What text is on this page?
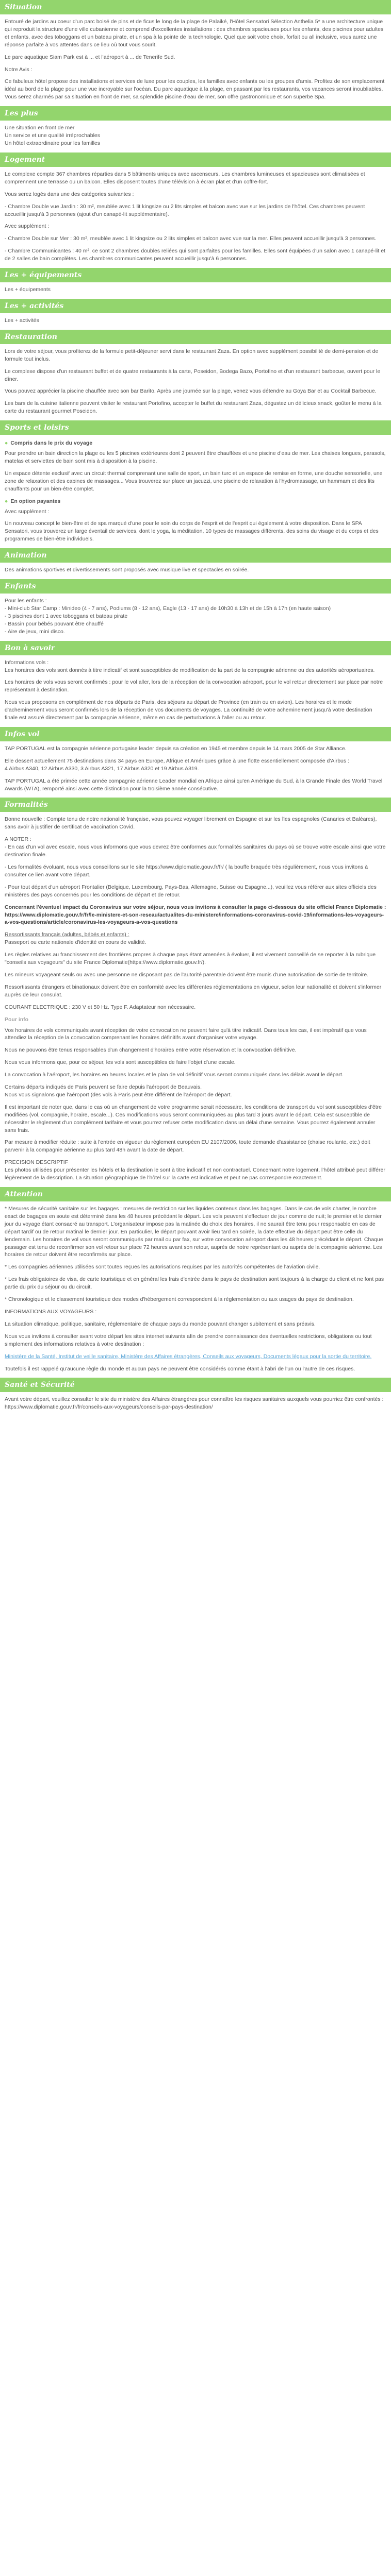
Situation

Entouré de jardins au coeur d'un parc boisé de pins et de ficus le long de la plage de Palaiké, l'Hôtel Sensatori Sélection Anthelia 5* a une architecture unique qui reproduit la structure d'une ville cubanienne et comprend d'excellentes installations : des chambres spacieuses pour les enfants, des piscines pour adultes et enfants, avec des toboggans et un bateau pirate, et un spa à la pointe de la technologie. Quel que soit votre choix, forfait ou all inclusive, vous aurez une réponse parfaite à vos attentes dans ce lieu où tout vous sourit.

Le parc aquatique Siam Park est à ... et l'aéroport à ... de Tenerife Sud.

Notre Avis :

Ce fabuleux hôtel propose des installations et services de luxe pour les couples, les familles avec enfants ou les groupes d'amis. Profitez de son emplacement idéal au bord de la plage pour une vue incroyable sur l'océan. Du parc aquatique à la plage, en passant par les restaurants, vos vacances seront inoubliables. Vous serez charmés par sa situation en front de mer, sa splendide piscine d'eau de mer, son offre gastronomique et son superbe Spa.

Les plus
Une situation en front de mer
Un service et une qualité irréprochables
Un hôtel extraordinaire pour les familles
Logement

Le complexe compte 367 chambres réparties dans 5 bâtiments uniques avec ascenseurs. Les chambres lumineuses et spacieuses sont climatisées et comprennent une terrasse ou un balcon. Elles disposent toutes d'une télévision à écran plat et d'un coffre-fort.

Vous serez logés dans une des catégories suivantes :

- Chambre Double vue Jardin : 30 m², meublée avec 1 lit kingsize ou 2 lits simples et balcon avec vue sur les jardins de l'hôtel. Ces chambres peuvent accueillir jusqu'à 3 personnes (ajout d'un canapé-lit supplémentaire).

Avec supplément :

- Chambre Double sur Mer : 30 m², meublée avec 1 lit kingsize ou 2 lits simples et balcon avec vue sur la mer. Elles peuvent accueillir jusqu'à 3 personnes.

- Chambre Communicantes : 40 m², ce sont 2 chambres doubles reliées qui sont parfaites pour les familles. Elles sont équipées d'un salon avec 1 canapé-lit et de 2 salles de bain complètes. Les chambres communicantes peuvent accueillir jusqu'à 6 personnes.

Les + équipements

Les + équipements

Les + activités

Les + activités

Restauration

Lors de votre séjour, vous profiterez de la formule petit-déjeuner servi dans le restaurant Zaza. En option avec supplément possibilité de demi-pension et de formule tout inclus.

Le complexe dispose d'un restaurant buffet et de quatre restaurants à la carte, Poseidon, Bodega Bazo, Portofino et d'un restaurant barbecue, ouvert pour le dîner.

Vous pouvez apprécier la piscine chauffée avec son bar Barito. Après une journée sur la plage, venez vous détendre au Goya Bar et au Cocktail Barbecue.

Les bars de la cuisine italienne peuvent visiter le restaurant Portofino, accepter le buffet du restaurant Zaza, dégustez un délicieux snack, goûter le menu à la carte du restaurant gourmet Poseidon.

Sports et loisirs
● Compris dans le prix du voyage

Pour prendre un bain direction la plage ou les 5 piscines extérieures dont 2 peuvent être chauffées et une piscine d'eau de mer. Les chaises longues, parasols, matelas et serviettes de bain sont mis à disposition à la piscine.

Un espace détente exclusif avec un circuit thermal comprenant une salle de sport, un bain turc et un espace de remise en forme, une douche sensorielle, une zone de relaxation et des cabines de massages... Vous trouverez sur place un jacuzzi, une piscine de relaxation à l'hydromassage, un hammam et des lits chauffants pour un bien-être complet.

● En option payantes

Avec supplément :

Un nouveau concept le bien-être et de spa marqué d'une pour le soin du corps de l'esprit et de l'esprit qui également à votre disposition. Dans le SPA Sensatori, vous trouverez un large éventail de services, dont le yoga, la méditation, 10 types de massages différents, des soins du visage et du corps et des programmes de bien-être individuels.

Animation

Des animations sportives et divertissements sont proposés avec musique live et spectacles en soirée.

Enfants
Pour les enfants :
- Mini-club Star Camp : Minideo (4 - 7 ans), Podiums (8 - 12 ans), Eagle (13 - 17 ans) de 10h30 à 13h et de 15h à 17h (en haute saison)
- 3 piscines dont 1 avec toboggans et bateau pirate
- Bassin pour bébés pouvant être chauffé
- Aire de jeux, mini disco.
Bon à savoir
Informations vols :

Les horaires des vols sont donnés à titre indicatif et sont susceptibles de modification de la part de la compagnie aérienne ou des autorités aéroportuaires.

Les horaires de vols vous seront confirmés : pour le vol aller, lors de la réception de la convocation aéroport, pour le vol retour directement sur place par notre représentant à destination.

Nous vous proposons en complément de nos départs de Paris, des séjours au départ de Province (en train ou en avion). Les horaires et le mode d'acheminement vous seront confirmés lors de la réception de vos documents de voyages. La continuité de votre acheminement jusqu'à votre destination finale est assuré directement par la compagnie aérienne, même en cas de perturbations à l'aller ou au retour.

Infos vol

TAP PORTUGAL est la compagnie aérienne portugaise leader depuis sa création en 1945 et membre depuis le 14 mars 2005 de Star Alliance.

Elle dessert actuellement 75 destinations dans 34 pays en Europe, Afrique et Amériques grâce à une flotte essentiellement composée d'Airbus :

4 Airbus A340, 12 Airbus A330, 3 Airbus A321, 17 Airbus A320 et 19 Airbus A319.

TAP PORTUGAL a été primée cette année compagnie aérienne Leader mondial en Afrique ainsi qu'en Amérique du Sud, à la Grande Finale des World Travel Awards (WTA), remporté ainsi avec cette distinction pour la troisième année consécutive.

Formalités

Bonne nouvelle : Compte tenu de notre nationalité française, vous pouvez voyager librement en Espagne et sur les îles espagnoles (Canaries et Baléares), sans avoir à justifier de certificat de vaccination Covid.

A NOTER :

- En cas d'un vol avec escale, nous vous informons que vous devrez être conformes aux formalités sanitaires du pays où se trouve votre escale ainsi que votre destination finale.

- Les formalités évoluant, nous vous conseillons sur le site https://www.diplomatie.gouv.fr/fr/ ( la bouffe braquée très régulièrement, nous vous invitons à consulter ce lien avant votre départ.

- Pour tout départ d'un aéroport Frontalier (Belgique, Luxembourg, Pays-Bas, Allemagne, Suisse ou Espagne...), veuillez vous référer aux sites officiels des ministères des pays concernés pour les conditions de départ et de retour.

Concernant l'éventuel impact du Coronavirus sur votre séjour, nous vous invitons à consulter la page ci-dessous du site officiel France Diplomatie :

https://www.diplomatie.gouv.fr/fr/le-ministere-et-son-reseau/actualites-du-ministere/informations-coronavirus-covid-19/informations-les-voyageurs-a-vos-questions/article/coronavirus-les-voyageurs-a-vos-questions

Ressortissants français (adultes, bébés et enfants) :

Passeport ou carte nationale d'identité en cours de validité.

Les règles relatives au franchissement des frontières propres à chaque pays étant amenées à évoluer, il est vivement conseillé de se reporter à la rubrique "conseils aux voyageurs" du site France Diplomatie(https://www.diplomatie.gouv.fr/).

Les mineurs voyageant seuls ou avec une personne ne disposant pas de l'autorité parentale doivent être munis d'une autorisation de sortie de territoire.

Ressortissants étrangers et binationaux doivent être en conformité avec les différentes réglementations en vigueur, selon leur nationalité et doivent s'informer auprès de leur consulat.

COURANT ELECTRIQUE : 230 V et 50 Hz. Type F. Adaptateur non nécessaire.

Pour info

Vos horaires de vols communiqués avant réception de votre convocation ne peuvent faire qu'à titre indicatif. Dans tous les cas, il est impératif que vous attendiez la réception de la convocation comprenant les horaires définitifs avant d'organiser votre voyage.

Nous ne pouvons être tenus responsables d'un changement d'horaires entre votre réservation et la convocation définitive.

Nous vous informons que, pour ce séjour, les vols sont susceptibles de faire l'objet d'une escale.

La convocation à l'aéroport, les horaires en heures locales et le plan de vol définitif vous seront communiqués dans les délais avant le départ.

Certains départs indiqués de Paris peuvent se faire depuis l'aéroport de Beauvais.

Nous vous signalons que l'aéroport (des vols à Paris peut être différent de l'aéroport de départ.

Il est important de noter que, dans le cas où un changement de votre programme serait nécessaire, les conditions de transport du vol sont susceptibles d'être modifiées (vol, compagnie, horaire, escale...). Ces modifications vous seront communiquées au plus tard 3 jours avant le départ. Cela est susceptible de nécessiter le règlement d'un complément tarifaire et vous pourrez refuser cette modification dans un délai d'une semaine. Vous pourrez également annuler sans frais.

Par mesure à modifier réduite : suite à l'entrée en vigueur du règlement européen EU 2107/2006, toute demande d'assistance (chaise roulante, etc.) doit parvenir à la compagnie aérienne au plus tard 48h avant la date de départ.

PRECISION DESCRIPTIF

Les photos utilisées pour présenter les hôtels et la destination le sont à titre indicatif et non contractuel. Concernant notre logement, l'hôtel attribué peut différer légèrement de la description. La situation géographique de l'hôtel sur la carte est indicative et peut ne pas correspondre exactement.

Attention

* Mesures de sécurité sanitaire sur les bagages : mesures de restriction sur les liquides contenus dans les bagages. Dans le cas de vols charter, le nombre exact de bagages en soute est déterminé dans les 48 heures précédant le départ. Les vols peuvent s'effectuer de jour comme de nuit; le premier et le dernier jour du voyage étant consacré au transport. L'organisateur impose pas la matinée du choix des horaires, il ne saurait être tenu pour responsable en cas de départ tardif ou de retour matinal le dernier jour. En particulier, le départ pouvant avoir lieu tard en soirée, la date effective du départ peut être celle du lendemain. Les horaires de vol vous seront communiqués par mail ou par fax, sur votre convocation aéroport dans les 48 heures précédant le départ. Chaque passager est tenu de reconfirmer son vol retour sur place 72 heures avant son retour, auprès de notre représentant ou auprès de la compagnie aérienne. Les horaires de retour doivent être reconfirmés sur place.

* Les compagnies aériennes utilisées sont toutes reçues les autorisations requises par les autorités compétentes de l'aviation civile.

* Les frais obligatoires de visa, de carte touristique et en général les frais d'entrée dans le pays de destination sont toujours à la charge du client et ne font pas partie du prix du séjour ou du circuit.

* Chronologique et le classement touristique des modes d'hébergement correspondent à la réglementation ou aux usages du pays de destination.

INFORMATIONS AUX VOYAGEURS :

La situation climatique, politique, sanitaire, réglementaire de chaque pays du monde pouvant changer subitement et sans préavis.

Nous vous invitons à consulter avant votre départ les sites internet suivants afin de prendre connaissance des éventuelles restrictions, obligations ou tout simplement des informations relatives à votre destination :

Ministère de la Santé, Institut de veille sanitaire, Ministère des Affaires étrangères, Conseils aux voyageurs, Documents légaux pour la sortie du territoire.

Toutefois il est rappelé qu'aucune règle du monde et aucun pays ne peuvent être considérés comme étant à l'abri de l'un ou l'autre de ces risques.

Santé et Sécurité

Avant votre départ, veuillez consulter le site du ministère des Affaires étrangères pour connaître les risques sanitaires auxquels vous pourriez être confrontés : https://www.diplomatie.gouv.fr/fr/conseils-aux-voyageurs/conseils-par-pays-destination/
